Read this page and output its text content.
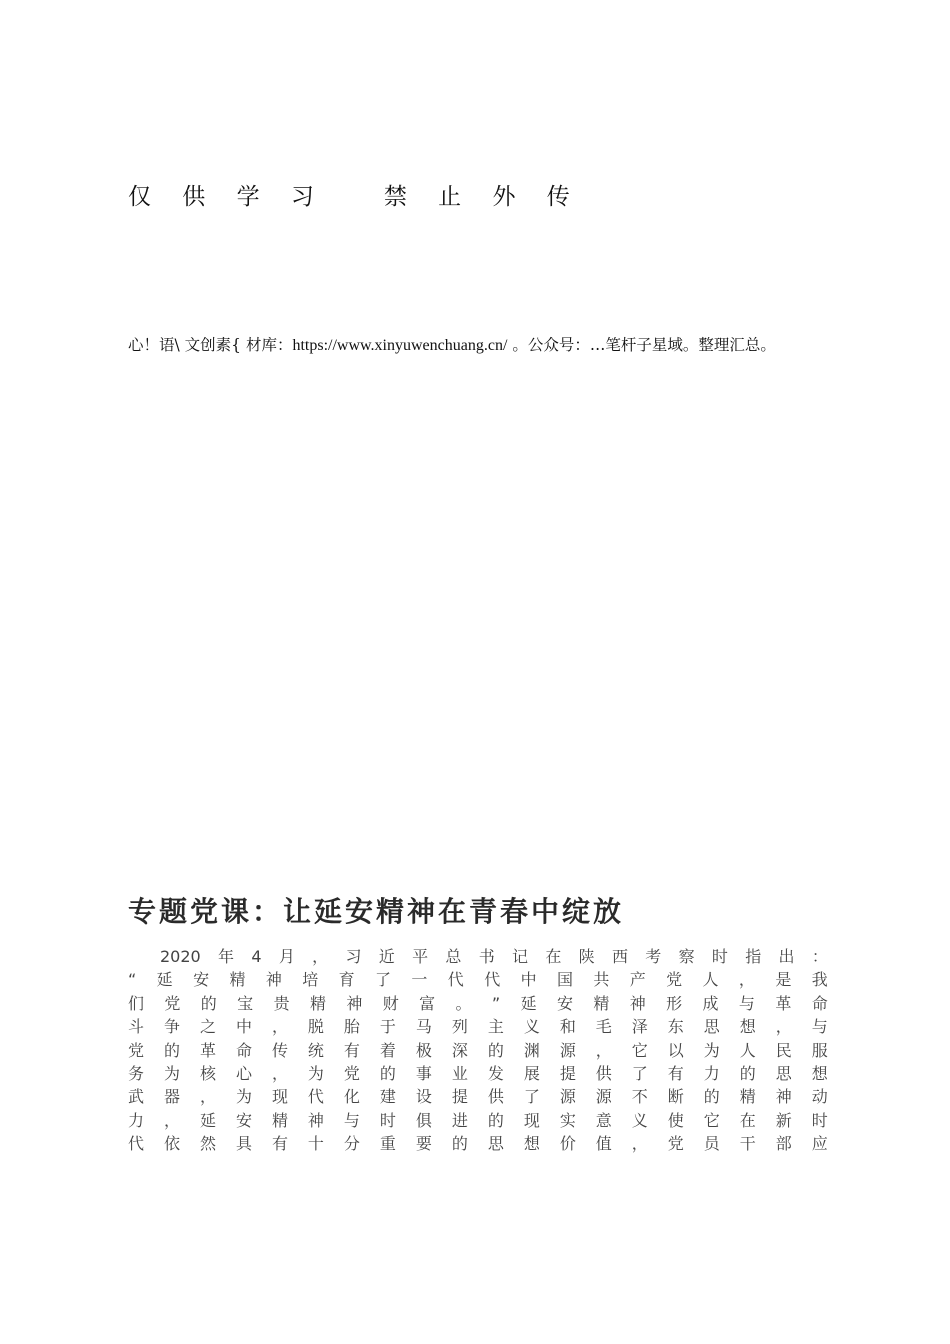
仅 供 学 习   禁 止 外 传
心！语\ 文创素{ 材库：https://www.xinyuwenchuang.cn/ 。公众号：…笔杆子星域。整理汇总。
专题党课：让延安精神在青春中绽放
　　2020 年 4 月 ， 习 近 平 总 书 记 在 陕 西 考 察 时 指 出 ：
“ 延 安 精 神 培 育 了 一 代 代 中 国 共 产 党 人 ， 是 我
们 党 的 宝 贵 精 神 财 富 。 ” 延 安 精 神 形 成 与 革 命
斗 争 之 中 ， 脱 胎 于 马 列 主 义 和 毛 泽 东 思 想 ， 与
党 的 革 命 传 统 有 着 极 深 的 渊 源 ， 它 以 为 人 民 服
务 为 核 心 ， 为 党 的 事 业 发 展 提 供 了 有 力 的 思 想
武 器 ， 为 现 代 化 建 设 提 供 了 源 源 不 断 的 精 神 动
力 ， 延 安 精 神 与 时 俱 进 的 现 实 意 义 使 它 在 新 时
代 依 然 具 有 十 分 重 要 的 思 想 价 值 ， 党 员 干 部 应
